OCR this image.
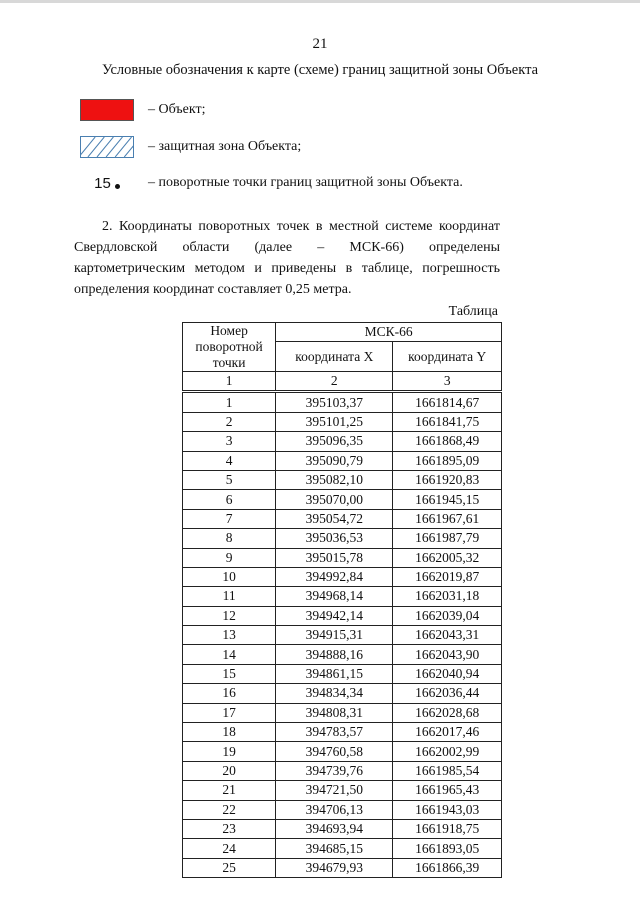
21
Условные обозначения к карте (схеме) границ защитной зоны Объекта
– Объект;
– защитная зона Объекта;
15	– поворотные точки границ защитной зоны Объекта.
2. Координаты поворотных точек в местной системе координат Свердловской области (далее – МСК-66) определены картометрическим методом и приведены в таблице, погрешность определения координат составляет 0,25 метра.
Таблица
Номер поворотной точки	МСК-66	
	координата X	координата Y
1	2	3
1	395103,37	1661814,67
2	395101,25	1661841,75
3	395096,35	1661868,49
4	395090,79	1661895,09
5	395082,10	1661920,83
6	395070,00	1661945,15
7	395054,72	1661967,61
8	395036,53	1661987,79
9	395015,78	1662005,32
10	394992,84	1662019,87
11	394968,14	1662031,18
12	394942,14	1662039,04
13	394915,31	1662043,31
14	394888,16	1662043,90
15	394861,15	1662040,94
16	394834,34	1662036,44
17	394808,31	1662028,68
18	394783,57	1662017,46
19	394760,58	1662002,99
20	394739,76	1661985,54
21	394721,50	1661965,43
22	394706,13	1661943,03
23	394693,94	1661918,75
24	394685,15	1661893,05
25	394679,93	1661866,39
